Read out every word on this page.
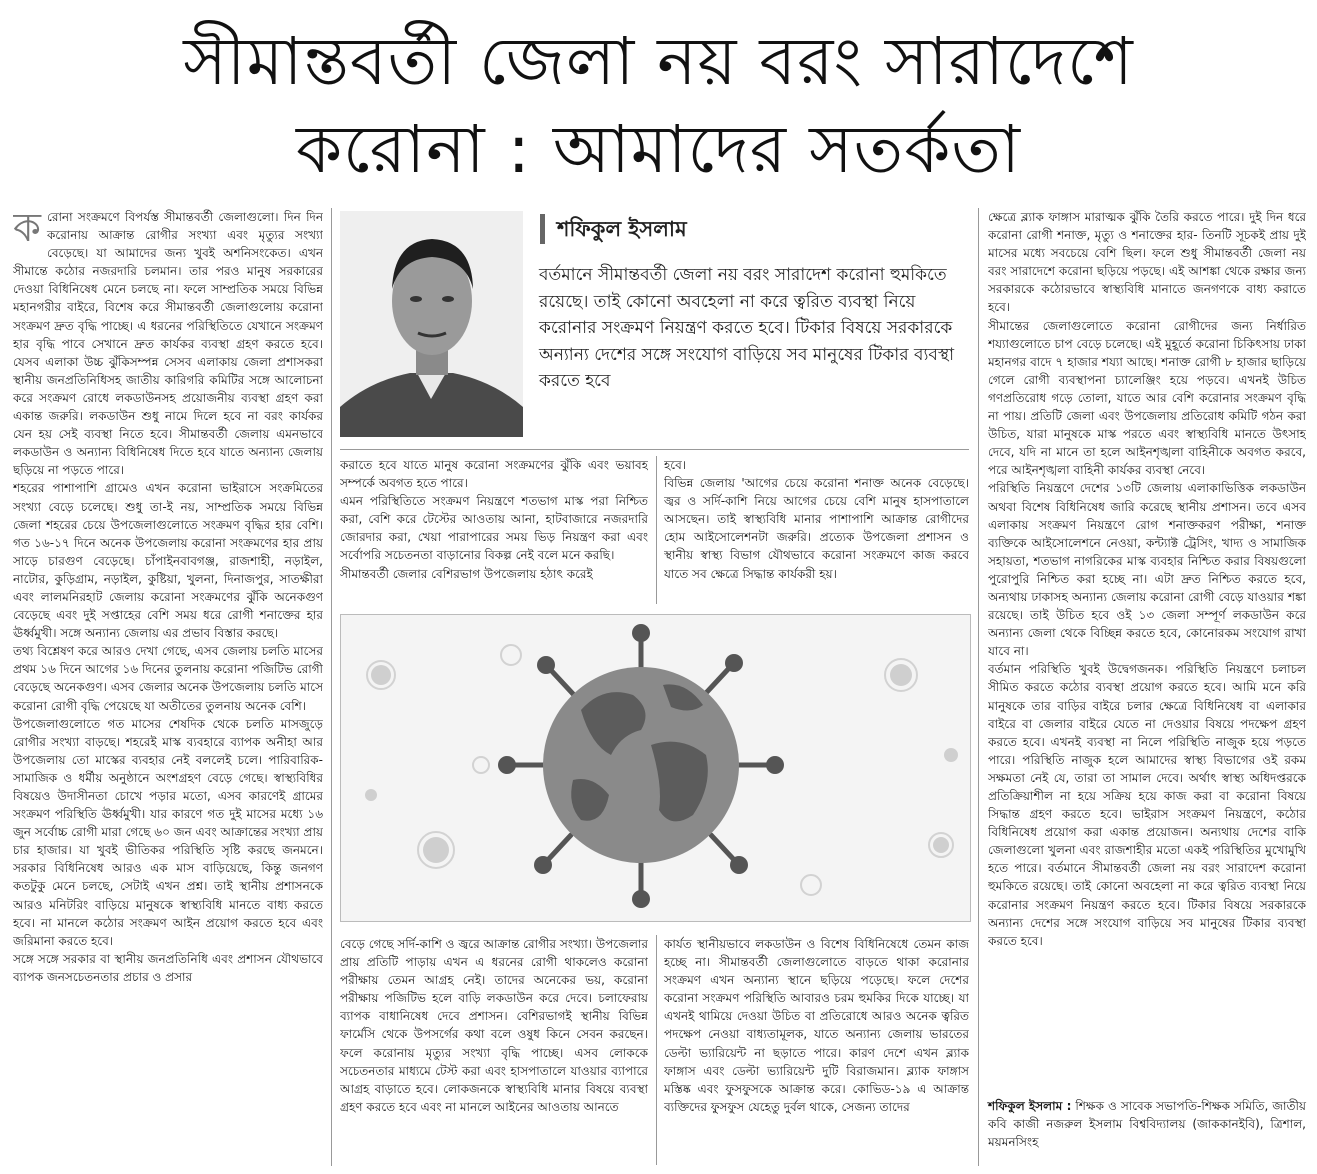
সীমান্তবর্তী জেলা নয় বরং সারাদেশে
করোনা : আমাদের সতর্কতা

করোনা সংক্রমণে বিপর্যস্ত সীমান্তবর্তী জেলাগুলো। দিন দিন করোনায় আক্রান্ত রোগীর সংখ্যা এবং মৃত্যুর সংখ্যা বেড়েছে। যা আমাদের জন্য খুবই অশনিসংকেত। এখন সীমান্তে কঠোর নজরদারি চলমান। তার পরও মানুষ সরকারের দেওয়া বিধিনিষেধ মেনে চলছে না। ফলে সাম্প্রতিক সময়ে বিভিন্ন মহানগরীর বাইরে, বিশেষ করে সীমান্তবর্তী জেলাগুলোয় করোনা সংক্রমণ দ্রুত বৃদ্ধি পাচ্ছে। এ ধরনের পরিস্থিতিতে যেখানে সংক্রমণ হার বৃদ্ধি পাবে সেখানে দ্রুত কার্যকর ব্যবস্থা গ্রহণ করতে হবে। যেসব এলাকা উচ্চ ঝুঁকিসম্পন্ন সেসব এলাকায় জেলা প্রশাসকরা স্থানীয় জনপ্রতিনিধিসহ জাতীয় কারিগরি কমিটির সঙ্গে আলোচনা করে সংক্রমণ রোধে লকডাউনসহ প্রয়োজনীয় ব্যবস্থা গ্রহণ করা একান্ত জরুরি। লকডাউন শুধু নামে দিলে হবে না বরং কার্যকর যেন হয় সেই ব্যবস্থা নিতে হবে। সীমান্তবর্তী জেলায় এমনভাবে লকডাউন ও অন্যান্য বিধিনিষেধ দিতে হবে যাতে অন্যান্য জেলায় ছড়িয়ে না পড়তে পারে।

শহরের পাশাপাশি গ্রামেও এখন করোনা ভাইরাসে সংক্রমিতের সংখ্যা বেড়ে চলেছে। শুধু তা-ই নয়, সাম্প্রতিক সময়ে বিভিন্ন জেলা শহরের চেয়ে উপজেলাগুলোতে সংক্রমণ বৃদ্ধির হার বেশি। গত ১৬-১৭ দিনে অনেক উপজেলায় করোনা সংক্রমণের হার প্রায় সাড়ে চারগুণ বেড়েছে। চাঁপাইনবাবগঞ্জ, রাজশাহী, নড়াইল, নাটোর, কুড়িগ্রাম, নড়াইল, কুষ্টিয়া, খুলনা, দিনাজপুর, সাতক্ষীরা এবং লালমনিরহাট জেলায় করোনা সংক্রমণের ঝুঁকি অনেকগুণ বেড়েছে এবং দুই সপ্তাহের বেশি সময় ধরে রোগী শনাক্তের হার ঊর্ধ্বমুখী। সঙ্গে অন্যান্য জেলায় এর প্রভাব বিস্তার করছে।

তথ্য বিশ্লেষণ করে আরও দেখা গেছে, এসব জেলায় চলতি মাসের প্রথম ১৬ দিনে আগের ১৬ দিনের তুলনায় করোনা পজিটিভ রোগী বেড়েছে অনেকগুণ। এসব জেলার অনেক উপজেলায় চলতি মাসে করোনা রোগী বৃদ্ধি পেয়েছে যা অতীতের তুলনায় অনেক বেশি।

উপজেলাগুলোতে গত মাসের শেষদিক থেকে চলতি মাসজুড়ে রোগীর সংখ্যা বাড়ছে। শহরেই মাস্ক ব্যবহারে ব্যাপক অনীহা আর উপজেলায় তো মাস্কের ব্যবহার নেই বললেই চলে। পারিবারিক-সামাজিক ও ধর্মীয় অনুষ্ঠানে অংশগ্রহণ বেড়ে গেছে। স্বাস্থ্যবিধির বিষয়েও উদাসীনতা চোখে পড়ার মতো, এসব কারণেই গ্রামের সংক্রমণ পরিস্থিতি ঊর্ধ্বমুখী। যার কারণে গত দুই মাসের মধ্যে ১৬ জুন সর্বোচ্চ রোগী মারা গেছে ৬০ জন এবং আক্রান্তের সংখ্যা প্রায় চার হাজার। যা খুবই ভীতিকর পরিস্থিতি সৃষ্টি করছে জনমনে। সরকার বিধিনিষেধ আরও এক মাস বাড়িয়েছে, কিন্তু জনগণ কতটুকু মেনে চলছে, সেটাই এখন প্রশ্ন। তাই স্থানীয় প্রশাসনকে আরও মনিটরিং বাড়িয়ে মানুষকে স্বাস্থ্যবিধি মানতে বাধ্য করতে হবে। না মানলে কঠোর সংক্রমণ আইন প্রয়োগ করতে হবে এবং জরিমানা করতে হবে।

সঙ্গে সঙ্গে সরকার বা স্থানীয় জনপ্রতিনিধি এবং প্রশাসন যৌথভাবে ব্যাপক জনসচেতনতার প্রচার ও প্রসার

শফিকুল ইসলাম
বর্তমানে সীমান্তবর্তী জেলা নয় বরং সারাদেশ করোনা হুমকিতে রয়েছে। তাই কোনো অবহেলা না করে ত্বরিত ব্যবস্থা নিয়ে করোনার সংক্রমণ নিয়ন্ত্রণ করতে হবে। টিকার বিষয়ে সরকারকে অন্যান্য দেশের সঙ্গে সংযোগ বাড়িয়ে সব মানুষের টিকার ব্যবস্থা করতে হবে

করাতে হবে যাতে মানুষ করোনা সংক্রমণের ঝুঁকি এবং ভয়াবহ সম্পর্কে অবগত হতে পারে।

এমন পরিস্থিতিতে সংক্রমণ নিয়ন্ত্রণে শতভাগ মাস্ক পরা নিশ্চিত করা, বেশি করে টেস্টের আওতায় আনা, হাটবাজারে নজরদারি জোরদার করা, খেয়া পারাপারের সময় ভিড় নিয়ন্ত্রণ করা এবং সর্বোপরি সচেতনতা বাড়ানোর বিকল্প নেই বলে মনে করছি।

সীমান্তবর্তী জেলার বেশিরভাগ উপজেলায় হঠাৎ করেই

হবে।

বিভিন্ন জেলায় 'আগের চেয়ে করোনা শনাক্ত অনেক বেড়েছে। জ্বর ও সর্দি-কাশি নিয়ে আগের চেয়ে বেশি মানুষ হাসপাতালে আসছেন। তাই স্বাস্থ্যবিধি মানার পাশাপাশি আক্রান্ত রোগীদের হোম আইসোলেশনটা জরুরি। প্রত্যেক উপজেলা প্রশাসন ও স্থানীয় স্বাস্থ্য বিভাগ যৌথভাবে করোনা সংক্রমণে কাজ করবে যাতে সব ক্ষেত্রে সিদ্ধান্ত কার্যকরী হয়।

বেড়ে গেছে সর্দি-কাশি ও জ্বরে আক্রান্ত রোগীর সংখ্যা। উপজেলার প্রায় প্রতিটি পাড়ায় এখন এ ধরনের রোগী থাকলেও করোনা পরীক্ষায় তেমন আগ্রহ নেই। তাদের অনেকের ভয়, করোনা পরীক্ষায় পজিটিভ হলে বাড়ি লকডাউন করে দেবে। চলাফেরায় ব্যাপক বাধানিষেধ দেবে প্রশাসন। বেশিরভাগই স্থানীয় বিভিন্ন ফার্মেসি থেকে উপসর্গের কথা বলে ওষুধ কিনে সেবন করছেন। ফলে করোনায় মৃত্যুর সংখ্যা বৃদ্ধি পাচ্ছে। এসব লোককে সচেতনতার মাধ্যমে টেস্ট করা এবং হাসপাতালে যাওয়ার ব্যাপারে আগ্রহ বাড়াতে হবে। লোকজনকে স্বাস্থ্যবিধি মানার বিষয়ে ব্যবস্থা গ্রহণ করতে হবে এবং না মানলে আইনের আওতায় আনতে

কার্যত স্থানীয়ভাবে লকডাউন ও বিশেষ বিধিনিষেধে তেমন কাজ হচ্ছে না। সীমান্তবর্তী জেলাগুলোতে বাড়তে থাকা করোনার সংক্রমণ এখন অন্যান্য স্থানে ছড়িয়ে পড়েছে। ফলে দেশের করোনা সংক্রমণ পরিস্থিতি আবারও চরম হুমকির দিকে যাচ্ছে। যা এখনই থামিয়ে দেওয়া উচিত বা প্রতিরোধে আরও অনেক ত্বরিত পদক্ষেপ নেওয়া বাধ্যতামূলক, যাতে অন্যান্য জেলায় ভারতের ডেল্টা ভ্যারিয়েন্ট না ছড়াতে পারে। কারণ দেশে এখন ব্ল্যাক ফাঙ্গাস এবং ডেল্টা ভ্যারিয়েন্ট দুটি বিরাজমান। ব্ল্যাক ফাঙ্গাস মস্তিষ্ক এবং ফুসফুসকে আক্রান্ত করে। কোভিড-১৯ এ আক্রান্ত ব্যক্তিদের ফুসফুস যেহেতু দুর্বল থাকে, সেজন্য তাদের

ক্ষেত্রে ব্ল্যাক ফাঙ্গাস মারাত্মক ঝুঁকি তৈরি করতে পারে। দুই দিন ধরে করোনা রোগী শনাক্ত, মৃত্যু ও শনাক্তের হার- তিনটি সূচকই প্রায় দুই মাসের মধ্যে সবচেয়ে বেশি ছিল। ফলে শুধু সীমান্তবর্তী জেলা নয় বরং সারাদেশে করোনা ছড়িয়ে পড়ছে। এই আশঙ্কা থেকে রক্ষার জন্য সরকারকে কঠোরভাবে স্বাস্থ্যবিধি মানাতে জনগণকে বাধ্য করাতে হবে।

সীমান্তের জেলাগুলোতে করোনা রোগীদের জন্য নির্ধারিত শয্যাগুলোতে চাপ বেড়ে চলেছে। এই মুহূর্তে করোনা চিকিৎসায় ঢাকা মহানগর বাদে ৭ হাজার শয্যা আছে। শনাক্ত রোগী ৮ হাজার ছাড়িয়ে গেলে রোগী ব্যবস্থাপনা চ্যালেঞ্জিং হয়ে পড়বে। এখনই উচিত গণপ্রতিরোধ গড়ে তোলা, যাতে আর বেশি করোনার সংক্রমণ বৃদ্ধি না পায়। প্রতিটি জেলা এবং উপজেলায় প্রতিরোধ কমিটি গঠন করা উচিত, যারা মানুষকে মাস্ক পরতে এবং স্বাস্থ্যবিধি মানতে উৎসাহ দেবে, যদি না মানে তা হলে আইনশৃঙ্খলা বাহিনীকে অবগত করবে, পরে আইনশৃঙ্খলা বাহিনী কার্যকর ব্যবস্থা নেবে।

পরিস্থিতি নিয়ন্ত্রণে দেশের ১৩টি জেলায় এলাকাভিত্তিক লকডাউন অথবা বিশেষ বিধিনিষেধ জারি করেছে স্থানীয় প্রশাসন। তবে এসব এলাকায় সংক্রমণ নিয়ন্ত্রণে রোগ শনাক্তকরণ পরীক্ষা, শনাক্ত ব্যক্তিকে আইসোলেশনে নেওয়া, কন্ট্যাক্ট ট্রেসিং, খাদ্য ও সামাজিক সহায়তা, শতভাগ নাগরিকের মাস্ক ব্যবহার নিশ্চিত করার বিষয়গুলো পুরোপুরি নিশ্চিত করা হচ্ছে না। এটা দ্রুত নিশ্চিত করতে হবে, অন্যথায় ঢাকাসহ অন্যান্য জেলায় করোনা রোগী বেড়ে যাওয়ার শঙ্কা রয়েছে। তাই উচিত হবে ওই ১৩ জেলা সম্পূর্ণ লকডাউন করে অন্যান্য জেলা থেকে বিচ্ছিন্ন করতে হবে, কোনোরকম সংযোগ রাখা যাবে না।

বর্তমান পরিস্থিতি খুবই উদ্বেগজনক। পরিস্থিতি নিয়ন্ত্রণে চলাচল সীমিত করতে কঠোর ব্যবস্থা প্রয়োগ করতে হবে। আমি মনে করি মানুষকে তার বাড়ির বাইরে চলার ক্ষেত্রে বিধিনিষেধ বা এলাকার বাইরে বা জেলার বাইরে যেতে না দেওয়ার বিষয়ে পদক্ষেপ গ্রহণ করতে হবে। এখনই ব্যবস্থা না নিলে পরিস্থিতি নাজুক হয়ে পড়তে পারে। পরিস্থিতি নাজুক হলে আমাদের স্বাস্থ্য বিভাগের ওই রকম সক্ষমতা নেই যে, তারা তা সামাল দেবে। অর্থাৎ স্বাস্থ্য অধিদপ্তরকে প্রতিক্রিয়াশীল না হয়ে সক্রিয় হয়ে কাজ করা বা করোনা বিষয়ে সিদ্ধান্ত গ্রহণ করতে হবে। ভাইরাস সংক্রমণ নিয়ন্ত্রণে, কঠোর বিধিনিষেধ প্রয়োগ করা একান্ত প্রয়োজন। অন্যথায় দেশের বাকি জেলাগুলো খুলনা এবং রাজশাহীর মতো একই পরিস্থিতির মুখোমুখি হতে পারে। বর্তমানে সীমান্তবর্তী জেলা নয় বরং সারাদেশ করোনা হুমকিতে রয়েছে। তাই কোনো অবহেলা না করে ত্বরিত ব্যবস্থা নিয়ে করোনার সংক্রমণ নিয়ন্ত্রণ করতে হবে। টিকার বিষয়ে সরকারকে অন্যান্য দেশের সঙ্গে সংযোগ বাড়িয়ে সব মানুষের টিকার ব্যবস্থা করতে হবে।

শফিকুল ইসলাম : শিক্ষক ও সাবেক সভাপতি-শিক্ষক সমিতি, জাতীয় কবি কাজী নজরুল ইসলাম বিশ্ববিদ্যালয় (জাককানইবি), ত্রিশাল, ময়মনসিংহ
